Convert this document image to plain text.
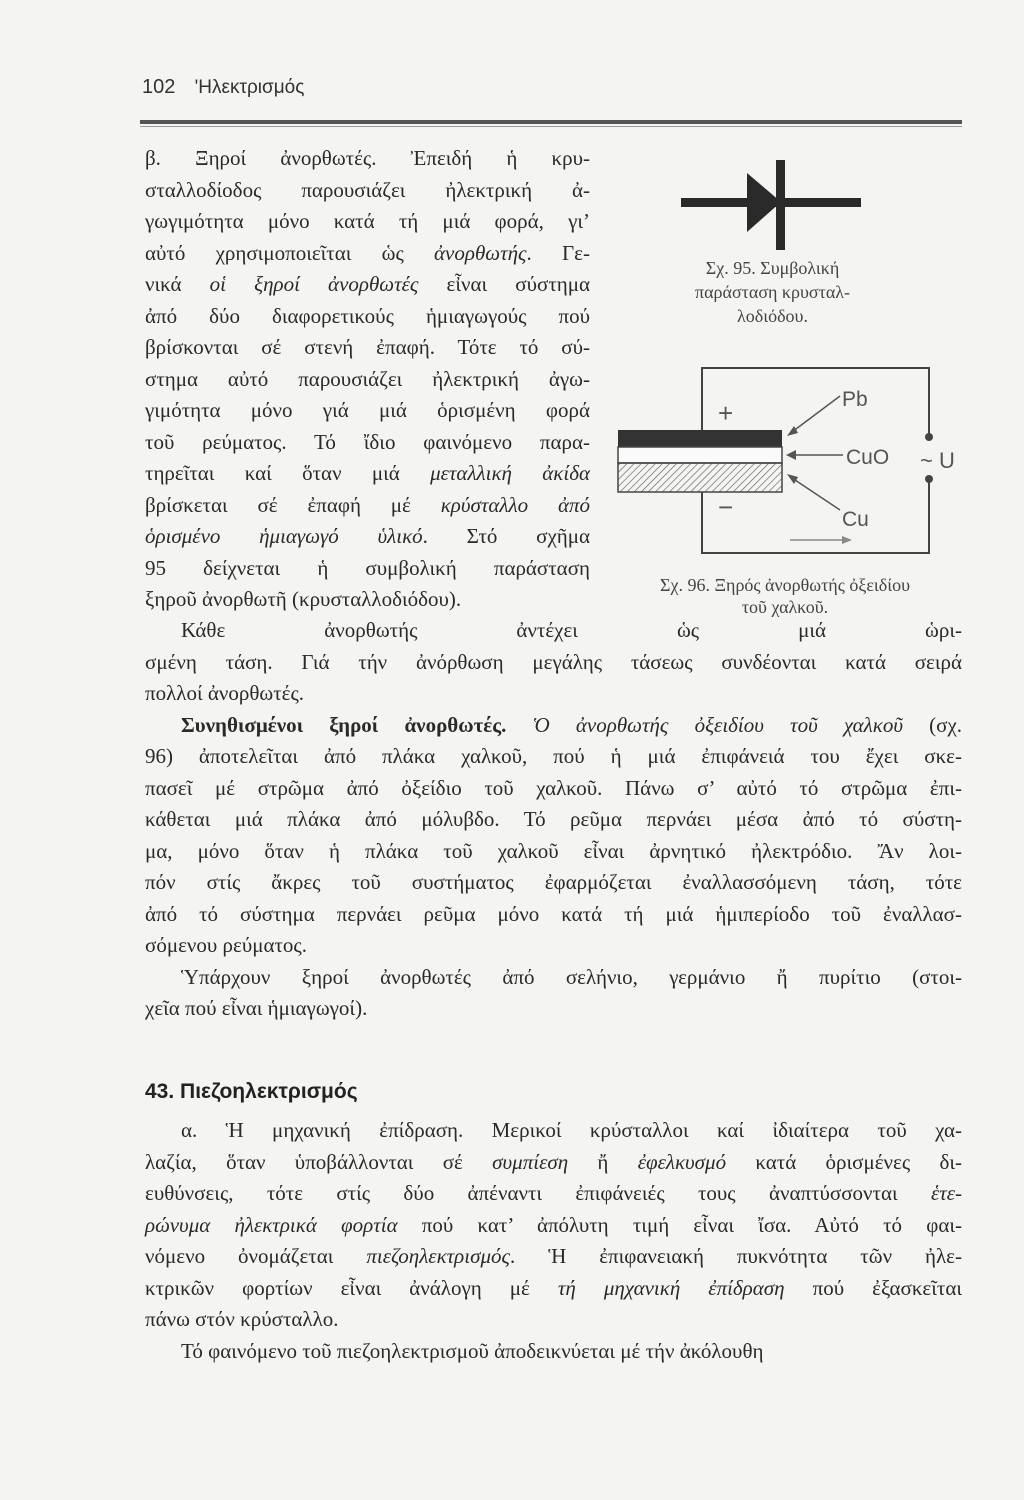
102 'Ηλεκτρισμός
β. Ξηροί ἀνορθωτές. Ἐπειδή ἡ κρυ-
σταλλοδίοδος παρουσιάζει ἠλεκτρική ἀ-
γωγιμότητα μόνο κατά τή μιά φορά, γι’
αὐτό χρησιμοποιεῖται ὡς ἀνορθωτής. Γε-
νικά οἱ ξηροί ἀνορθωτές εἶναι σύστημα
ἀπό δύο διαφορετικούς ἡμιαγωγούς πού
βρίσκονται σέ στενή ἐπαφή. Τότε τό σύ-
στημα αὐτό παρουσιάζει ἠλεκτρική ἀγω-
γιμότητα μόνο γιά μιά ὁρισμένη φορά
τοῦ ρεύματος. Τό ἴδιο φαινόμενο παρα-
τηρεῖται καί ὅταν μιά μεταλλική ἀκίδα
βρίσκεται σέ ἐπαφή μέ κρύσταλλο ἀπό
ὁρισμένο ἡμιαγωγό ὑλικό. Στό σχῆμα
95 δείχνεται ἡ συμβολική παράσταση
ξηροῦ ἀνορθωτῆ (κρυσταλλοδιόδου).
Κάθε ἀνορθωτής ἀντέχει ὡς μιά ὡρι-
σμένη τάση. Γιά τήν ἀνόρθωση μεγάλης τάσεως συνδέονται κατά σειρά
πολλοί ἀνορθωτές.
Συνηθισμένοι ξηροί ἀνορθωτές. Ὁ ἀνορθωτής ὀξειδίου τοῦ χαλκοῦ (σχ.
96) ἀποτελεῖται ἀπό πλάκα χαλκοῦ, πού ἡ μιά ἐπιφάνειά του ἔχει σκε-
πασεῖ μέ στρῶμα ἀπό ὀξείδιο τοῦ χαλκοῦ. Πάνω σ’ αὐτό τό στρῶμα ἐπι-
κάθεται μιά πλάκα ἀπό μόλυβδο. Τό ρεῦμα περνάει μέσα ἀπό τό σύστη-
μα, μόνο ὅταν ἡ πλάκα τοῦ χαλκοῦ εἶναι ἀρνητικό ἠλεκτρόδιο. Ἄν λοι-
πόν στίς ἄκρες τοῦ συστήματος ἐφαρμόζεται ἐναλλασσόμενη τάση, τότε
ἀπό τό σύστημα περνάει ρεῦμα μόνο κατά τή μιά ἡμιπερίοδο τοῦ ἐναλλασ-
σόμενου ρεύματος.
Ὑπάρχουν ξηροί ἀνορθωτές ἀπό σελήνιο, γερμάνιο ἤ πυρίτιο (στοι-
χεῖα πού εἶναι ἡμιαγωγοί).
43. Πιεζοηλεκτρισμός
α. Ἡ μηχανική ἐπίδραση. Μερικοί κρύσταλλοι καί ἰδιαίτερα τοῦ χα-
λαζία, ὅταν ὑποβάλλονται σέ συμπίεση ἤ ἐφελκυσμό κατά ὁρισμένες δι-
ευθύνσεις, τότε στίς δύο ἀπέναντι ἐπιφάνειές τους ἀναπτύσσονται ἑτε-
ρώνυμα ἠλεκτρικά φορτία πού κατ’ ἀπόλυτη τιμή εἶναι ἴσα. Αὐτό τό φαι-
νόμενο ὀνομάζεται πιεζοηλεκτρισμός. Ἡ ἐπιφανειακή πυκνότητα τῶν ἠλε-
κτρικῶν φορτίων εἶναι ἀνάλογη μέ τή μηχανική ἐπίδραση πού ἐξασκεῖται
πάνω στόν κρύσταλλο.
Τό φαινόμενο τοῦ πιεζοηλεκτρισμοῦ ἀποδεικνύεται μέ τήν ἀκόλουθη
Σχ. 95. Συμβολική
παράσταση κρυσταλ-
λοδιόδου.
Pb
CuO
Cu
+
−
~ U
Σχ. 96. Ξηρός ἀνορθωτής ὀξειδίου
τοῦ χαλκοῦ.
